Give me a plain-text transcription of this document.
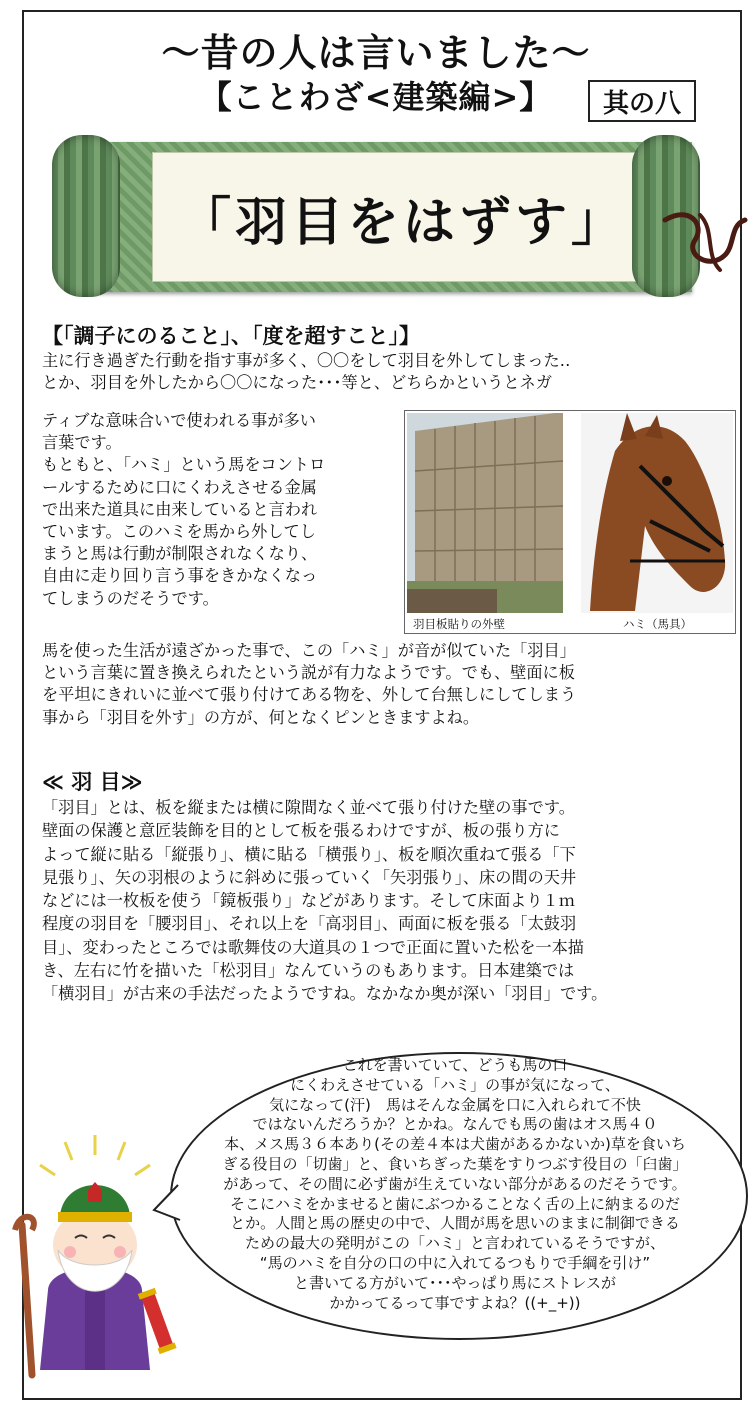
～昔の人は言いました～
【ことわざ<建築編>】	其の八
「羽目をはずす」
【「調子にのること」、「度を超すこと」】
主に行き過ぎた行動を指す事が多く、〇〇をして羽目を外してしまった‥
とか、羽目を外したから〇〇になった･･･等と、どちらかというとネガ
ティブな意味合いで使われる事が多い
言葉です。
もともと、「ハミ」という馬をコントロ
ールするために口にくわえさせる金属
で出来た道具に由来していると言われ
ています。このハミを馬から外してし
まうと馬は行動が制限されなくなり、
自由に走り回り言う事をきかなくなっ
てしまうのだそうです。
羽目板貼りの外壁	ハミ（馬具）
馬を使った生活が遠ざかった事で、この「ハミ」が音が似ていた「羽目」
という言葉に置き換えられたという説が有力なようです。でも、壁面に板
を平坦にきれいに並べて張り付けてある物を、外して台無しにしてしまう
事から「羽目を外す」の方が、何となくピンときますよね。
≪ 羽 目≫
「羽目」とは、板を縦または横に隙間なく並べて張り付けた壁の事です。
壁面の保護と意匠装飾を目的として板を張るわけですが、板の張り方に
よって縦に貼る「縦張り」、横に貼る「横張り」、板を順次重ねて張る「下
見張り」、矢の羽根のように斜めに張っていく「矢羽張り」、床の間の天井
などには一枚板を使う「鏡板張り」などがあります。そして床面より１ｍ
程度の羽目を「腰羽目」、それ以上を「高羽目」、両面に板を張る「太鼓羽
目」、変わったところでは歌舞伎の大道具の１つで正面に置いた松を一本描
き、左右に竹を描いた「松羽目」なんていうのもあります。日本建築では
「横羽目」が古来の手法だったようですね。なかなか奥が深い「羽目」です。
これを書いていて、どうも馬の口
にくわえさせている「ハミ」の事が気になって、
気になって(汗)　馬はそんな金属を口に入れられて不快
ではないんだろうか？とかね。なんでも馬の歯はオス馬４０
本、メス馬３６本あり(その差４本は犬歯があるかないか)草を食いち
ぎる役目の「切歯」と、食いちぎった葉をすりつぶす役目の「臼歯」
があって、その間に必ず歯が生えていない部分があるのだそうです。
そこにハミをかませると歯にぶつかることなく舌の上に納まるのだ
とか。人間と馬の歴史の中で、人間が馬を思いのままに制御できる
ための最大の発明がこの「ハミ」と言われているそうですが、
“馬のハミを自分の口の中に入れてるつもりで手綱を引け”
と書いてる方がいて･･･やっぱり馬にストレスが
かかってるって事ですよね？((+_+))
